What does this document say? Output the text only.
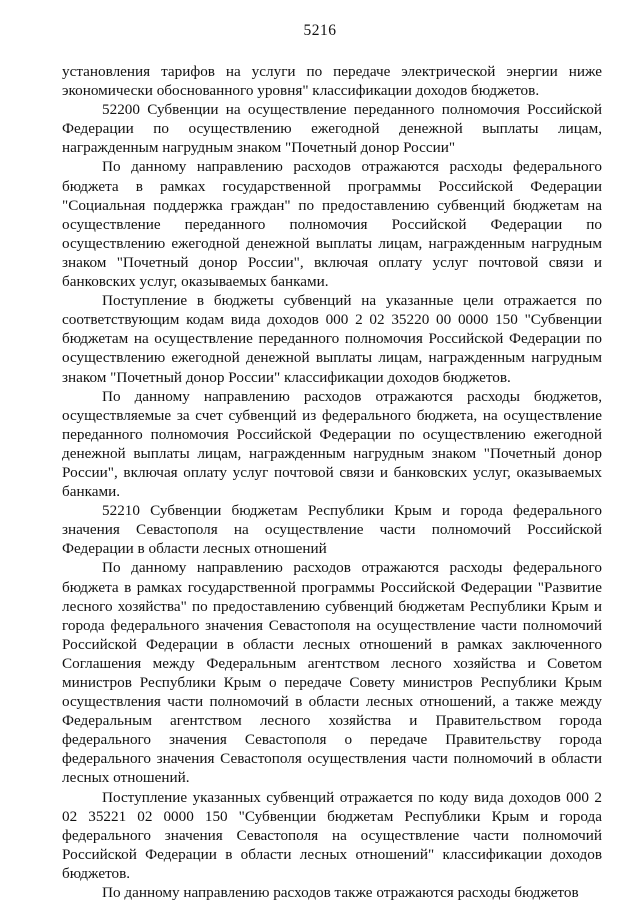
5216

установления тарифов на услуги по передаче электрической энергии ниже экономически обоснованного уровня" классификации доходов бюджетов.

52200 Субвенции на осуществление переданного полномочия Российской Федерации по осуществлению ежегодной денежной выплаты лицам, награжденным нагрудным знаком "Почетный донор России"

По данному направлению расходов отражаются расходы федерального бюджета в рамках государственной программы Российской Федерации "Социальная поддержка граждан" по предоставлению субвенций бюджетам на осуществление переданного полномочия Российской Федерации по осуществлению ежегодной денежной выплаты лицам, награжденным нагрудным знаком "Почетный донор России", включая оплату услуг почтовой связи и банковских услуг, оказываемых банками.

Поступление в бюджеты субвенций на указанные цели отражается по соответствующим кодам вида доходов 000 2 02 35220 00 0000 150 "Субвенции бюджетам на осуществление переданного полномочия Российской Федерации по осуществлению ежегодной денежной выплаты лицам, награжденным нагрудным знаком "Почетный донор России" классификации доходов бюджетов.

По данному направлению расходов отражаются расходы бюджетов, осуществляемые за счет субвенций из федерального бюджета, на осуществление переданного полномочия Российской Федерации по осуществлению ежегодной денежной выплаты лицам, награжденным нагрудным знаком "Почетный донор России", включая оплату услуг почтовой связи и банковских услуг, оказываемых банками.

52210 Субвенции бюджетам Республики Крым и города федерального значения Севастополя на осуществление части полномочий Российской Федерации в области лесных отношений

По данному направлению расходов отражаются расходы федерального бюджета в рамках государственной программы Российской Федерации "Развитие лесного хозяйства" по предоставлению субвенций бюджетам Республики Крым и города федерального значения Севастополя на осуществление части полномочий Российской Федерации в области лесных отношений в рамках заключенного Соглашения между Федеральным агентством лесного хозяйства и Советом министров Республики Крым о передаче Совету министров Республики Крым осуществления части полномочий в области лесных отношений, а также между Федеральным агентством лесного хозяйства и Правительством города федерального значения Севастополя о передаче Правительству города федерального значения Севастополя осуществления части полномочий в области лесных отношений.

Поступление указанных субвенций отражается по коду вида доходов 000 2 02 35221 02 0000 150 "Субвенции бюджетам Республики Крым и города федерального значения Севастополя на осуществление части полномочий Российской Федерации в области лесных отношений" классификации доходов бюджетов.

По данному направлению расходов также отражаются расходы бюджетов
